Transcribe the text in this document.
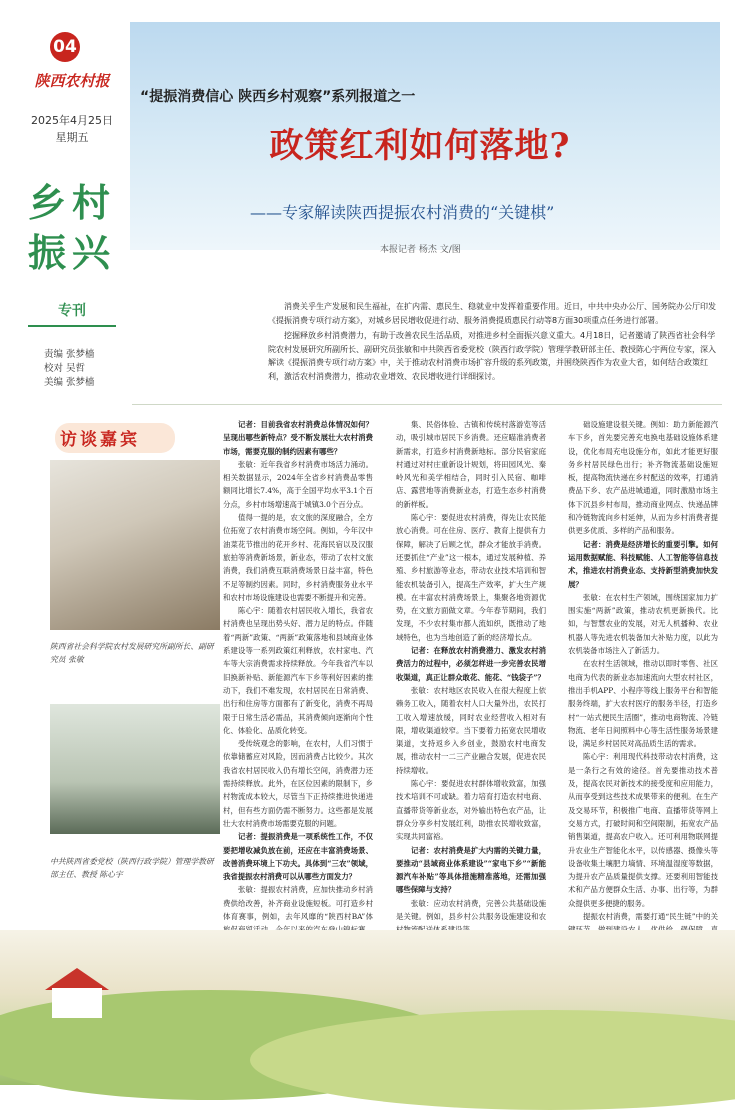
04
陕西农村报
2025年4月25日
星期五
乡村振兴
专刊
责编 张梦樯
校对 吴哲
美编 张梦樯
“提振消费信心 陕西乡村观察”系列报道之一
政策红利如何落地?
——专家解读陕西提振农村消费的“关键棋”
本报记者 杨杰 文/图

消费关乎生产发展和民生福祉，在扩内需、惠民生、稳就业中发挥着重要作用。近日，中共中央办公厅、国务院办公厅印发《提振消费专项行动方案》，对城乡居民增收促进行动、服务消费提质惠民行动等8方面30项重点任务进行部署。

挖掘释放乡村消费潜力，有助于改善农民生活品质，对推进乡村全面振兴意义重大。4月18日，记者邀请了陕西省社会科学院农村发展研究所副所长、副研究员张敏和中共陕西省委党校（陕西行政学院）管理学教研部主任、教授陈心宇两位专家，深入解读《提振消费专项行动方案》中，关于推动农村消费市场扩容升级的系列政策，并围绕陕西作为农业大省，如何结合政策红利，激活农村消费潜力，推动农业增效、农民增收进行详细探讨。

访谈嘉宾
陕西省社会科学院农村发展研究所副所长、副研究员 张敏
中共陕西省委党校（陕西行政学院）管理学教研部主任、教授 陈心宇

记者：目前我省农村消费总体情况如何？呈现出哪些新特点？受不断发展壮大农村消费市场，需要克服的制约因素有哪些？

张敏：近年我省乡村消费市场活力涌动。相关数据显示，2024年全省乡村消费品零售额同比增长7.4%，高于全国平均水平3.1个百分点，乡村市场增速高于城镇3.0个百分点。

值得一提的是，农文旅的深度融合，全方位拓宽了农村消费市场空间。例如，今年汉中油菜花节推出的花开乡村、花海民宿以及汉服旅拍等消费新场景，新业态，带动了农村文旅消费，我们消费互联消费场景日益丰富，特色不足等制约因素。同时，乡村消费服务业水平和农村市场设施建设也需要不断提升和完善。

陈心宇：随着农村居民收入增长，我省农村消费也呈现出势头好、潜力足的特点。伴随着“两新”政策、“两新”政策落地和县域商业体系建设等一系列政策红利释放，农村家电、汽车等大宗消费需求持续释放。今年我省汽车以旧换新补贴、新能源汽车下乡等利好因素的推动下，我们不难发现，农村居民在日常消费、出行和住房等方面都有了新变化，消费不再局限于日常生活必需品，其消费倾向逐渐向个性化、体验化、品质化转变。

受传统观念的影响，在农村，人们习惯于依靠储蓄应对风险，因而消费占比较少。其次我省农村居民收入仍有增长空间，消费潜力还需持续释放。此外，在区位因素的限制下，乡村物流成本较大，尽管当下正持续推进快递进村，但有些方面仍需不断努力。这些都是发展壮大农村消费市场需要克服的问题。

记者：提振消费是一项系统性工作，不仅要把增收减负放在前，还应在丰富消费场景、改善消费环境上下功夫。具体到“三农”领域，我省提振农村消费可以从哪些方面发力？

张敏：提振农村消费，应加快推动乡村消费供给改善，补齐商业设施短板。可打造乡村体育赛事，例如，去年风靡的“陕西村BA”体

集、民俗体验、古镇和传统村落游览等活动，吸引城市居民下乡消费。还应瞄准消费者新需求，打造乡村消费新地标。部分民宿家庭村通过对村庄重新设计规划，将田园风光、秦岭风光和美学相结合，同时引入民宿、咖啡店、露营地等消费新业态，打造生态乡村消费的新样板。

陈心宇：要促进农村消费，得先让农民能放心消费。可在住房、医疗、教育上提供有力保障，解决了后顾之忧，群众才能放手消费。还要抓住“产业”这一根本，通过发展种植、养殖、乡村旅游等业态，带动农业技术培训和智能农机装备引入，提高生产效率，扩大生产规模。在丰富农村消费场景上，集聚各地资源优势，在文旅方面做文章。今年春节期间，我们发现，不少农村集市都人流如织，既推动了地域特色，也为当地创造了新的经济增长点。

记者：在释放农村消费潜力、激发农村消费活力的过程中，必须怎样进一步完善农民增收渠道，真正让群众敢花、能花、“钱袋子”？

张敏：农村地区农民收入在很大程度上依赖务工收入，随着农村人口大量外出，农民打工收入增速放缓，同时农业经营收入相对有限，增收渠道较窄。当下要着力拓宽农民增收渠道，支持返乡入乡创业，鼓励农村电商发展，推动农村一二三产业融合发展，促进农民持续增收。

陈心宇：要促进农村群体增收致富，加强技术培训不可或缺。着力培育打造农村电商、直播带货等新业态，对外输出特色农产品，让群众分享乡村发展红利，助推农民增收致富，实现共同富裕。

记者：农村消费是扩大内需的关键力量，要推动“县域商业体系建设”“家电下乡”“新能源汽车补贴”等具体措施精准落地，还需加强哪些保障与支持？

张敏：应动农村消费，完善公共基础设施是关键。例如，县乡村公共服务设施建设和农

础设施建设很关键。例如：助力新能源汽车下乡，首先要完善充电换电基础设施体系建设，优化布局充电设施分布，如此才能更好服务乡村居民绿色出行；补齐物流基础设施短板，提高物流快递在乡村配送的效率，打通消费品下乡、农产品进城通道，同时激励市场主体下沉县乡村布局，推动商业网点、快递品牌和冷链物流向乡村延伸，从而为乡村消费者提供更多优质、多样的产品和服务。

记者：消费是经济增长的重要引擎。如何运用数据赋能、科技赋能、人工智能等信息技术，推进农村消费业态、支持新型消费加快发展？

张敏：在农村生产领域，围绕国家加力扩围实施“两新”政策，推动农机更新换代。比如，与智慧农业的发展，对无人机播种、农业机器人等先进农机装备加大补贴力度，以此为农机装备市场注入了新活力。

在农村生活领域，推动以即时零售、社区电商为代表的新业态加速流向大型农村社区，推出手机APP、小程序等线上服务平台和智能服务终端，扩大农村医疗的服务半径，打造乡村“一站式便民生活圈”，推动电商物流、冷链物流、老年日间照料中心等生活性服务场景建设，满足乡村居民对高品质生活的需求。

陈心宇：利用现代科技带动农村消费，这是一条行之有效的途径。首先要推动技术普及，提高农民对新技术的接受度和应用能力，从而享受到这些技术成果带来的便利。在生产及交易环节，积极推广电商、直播带货等网上交易方式，打破时间和空间限制，拓宽农产品销售渠道，提高农户收入。还可利用物联网提升农业生产智能化水平，以传感器、摄像头等设备收集土壤肥力墒情、环境温湿度等数据，为提升农产品质量提供支撑。还要利用智能技术和产品方便群众生活、办事、出行等，为群众提供更多便捷的服务。

提振农村消费，需要打通“民生链”中的关
